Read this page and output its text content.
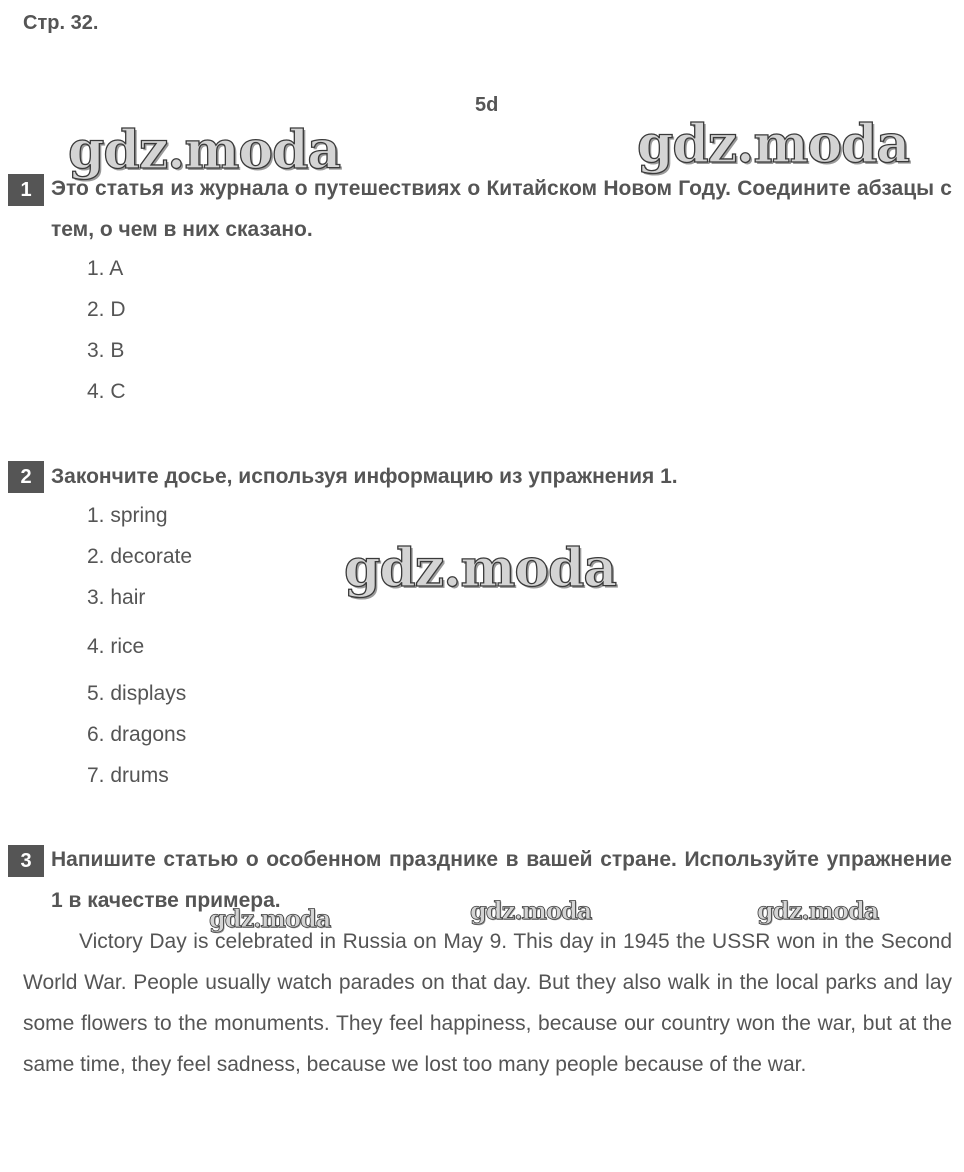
Стр. 32.
5d
1 Это статья из журнала о путешествиях о Китайском Новом Году. Соедините абзацы с тем, о чем в них сказано.
1. A
2. D
3. B
4. C
2 Закончите досье, используя информацию из упражнения 1.
1. spring
2. decorate
3. hair
4. rice
5. displays
6. dragons
7. drums
3 Напишите статью о особенном празднике в вашей стране. Используйте упражнение 1 в качестве примера.
Victory Day is celebrated in Russia on May 9. This day in 1945 the USSR won in the Second World War. People usually watch parades on that day. But they also walk in the local parks and lay some flowers to the monuments. They feel happiness, because our country won the war, but at the same time, they feel sadness, because we lost too many people because of the war.
gdz.moda	gdz.moda
gdz.moda
gdz.moda	gdz.moda	gdz.moda
